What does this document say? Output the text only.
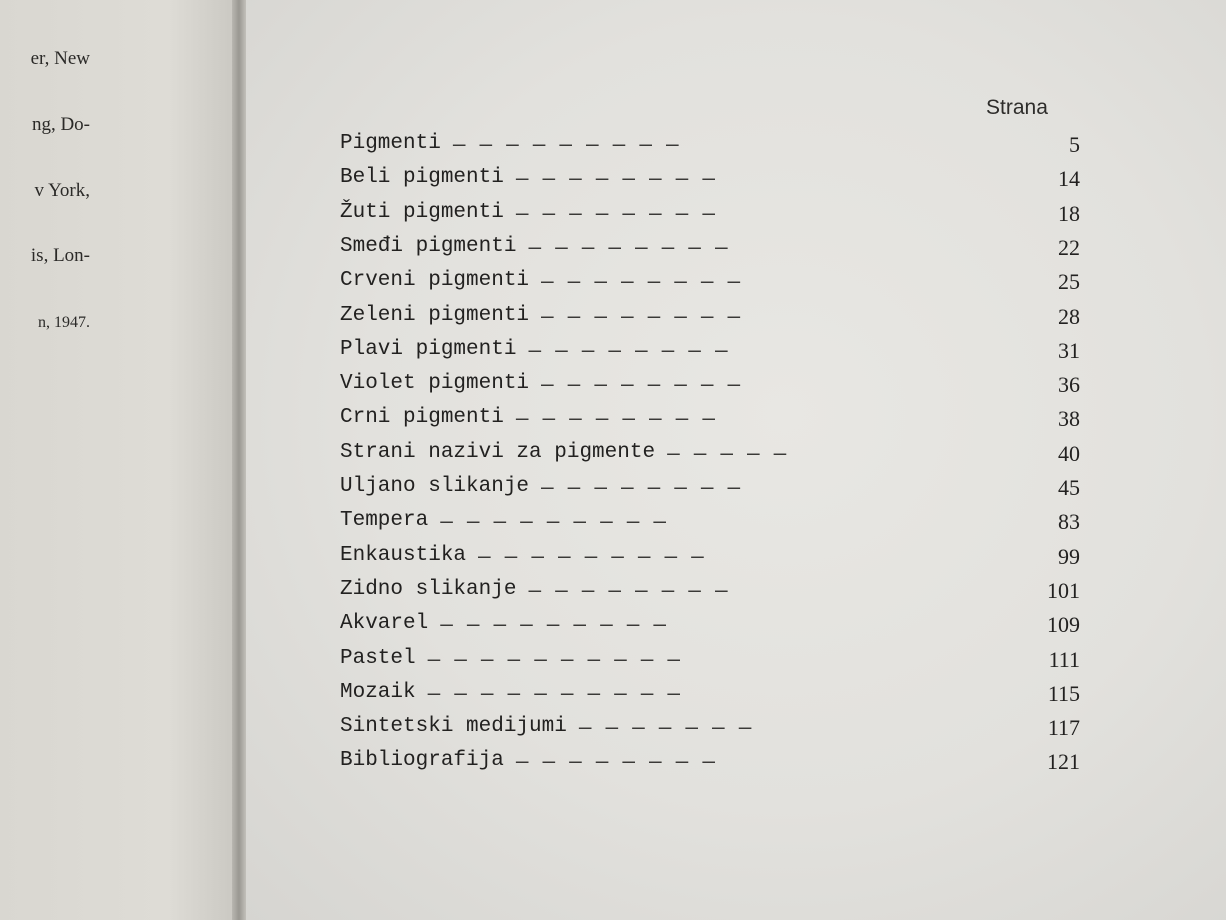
er, New
ng, Do-
v York,
is, Lon-
n, 1947.
Strana
Pigmenti	5
—————————
Beli pigmenti	14
————————
Žuti pigmenti	18
————————
Smeđi pigmenti	22
————————
Crveni pigmenti	25
————————
Zeleni pigmenti	28
————————
Plavi pigmenti	31
————————
Violet pigmenti	36
————————
Crni pigmenti	38
————————
Strani nazivi za pigmente	40
—————
Uljano slikanje	45
————————
Tempera	83
—————————
Enkaustika	99
—————————
Zidno slikanje	101
————————
Akvarel	109
—————————
Pastel	111
——————————
Mozaik	115
——————————
Sintetski medijumi	117
———————
Bibliografija	121
————————
